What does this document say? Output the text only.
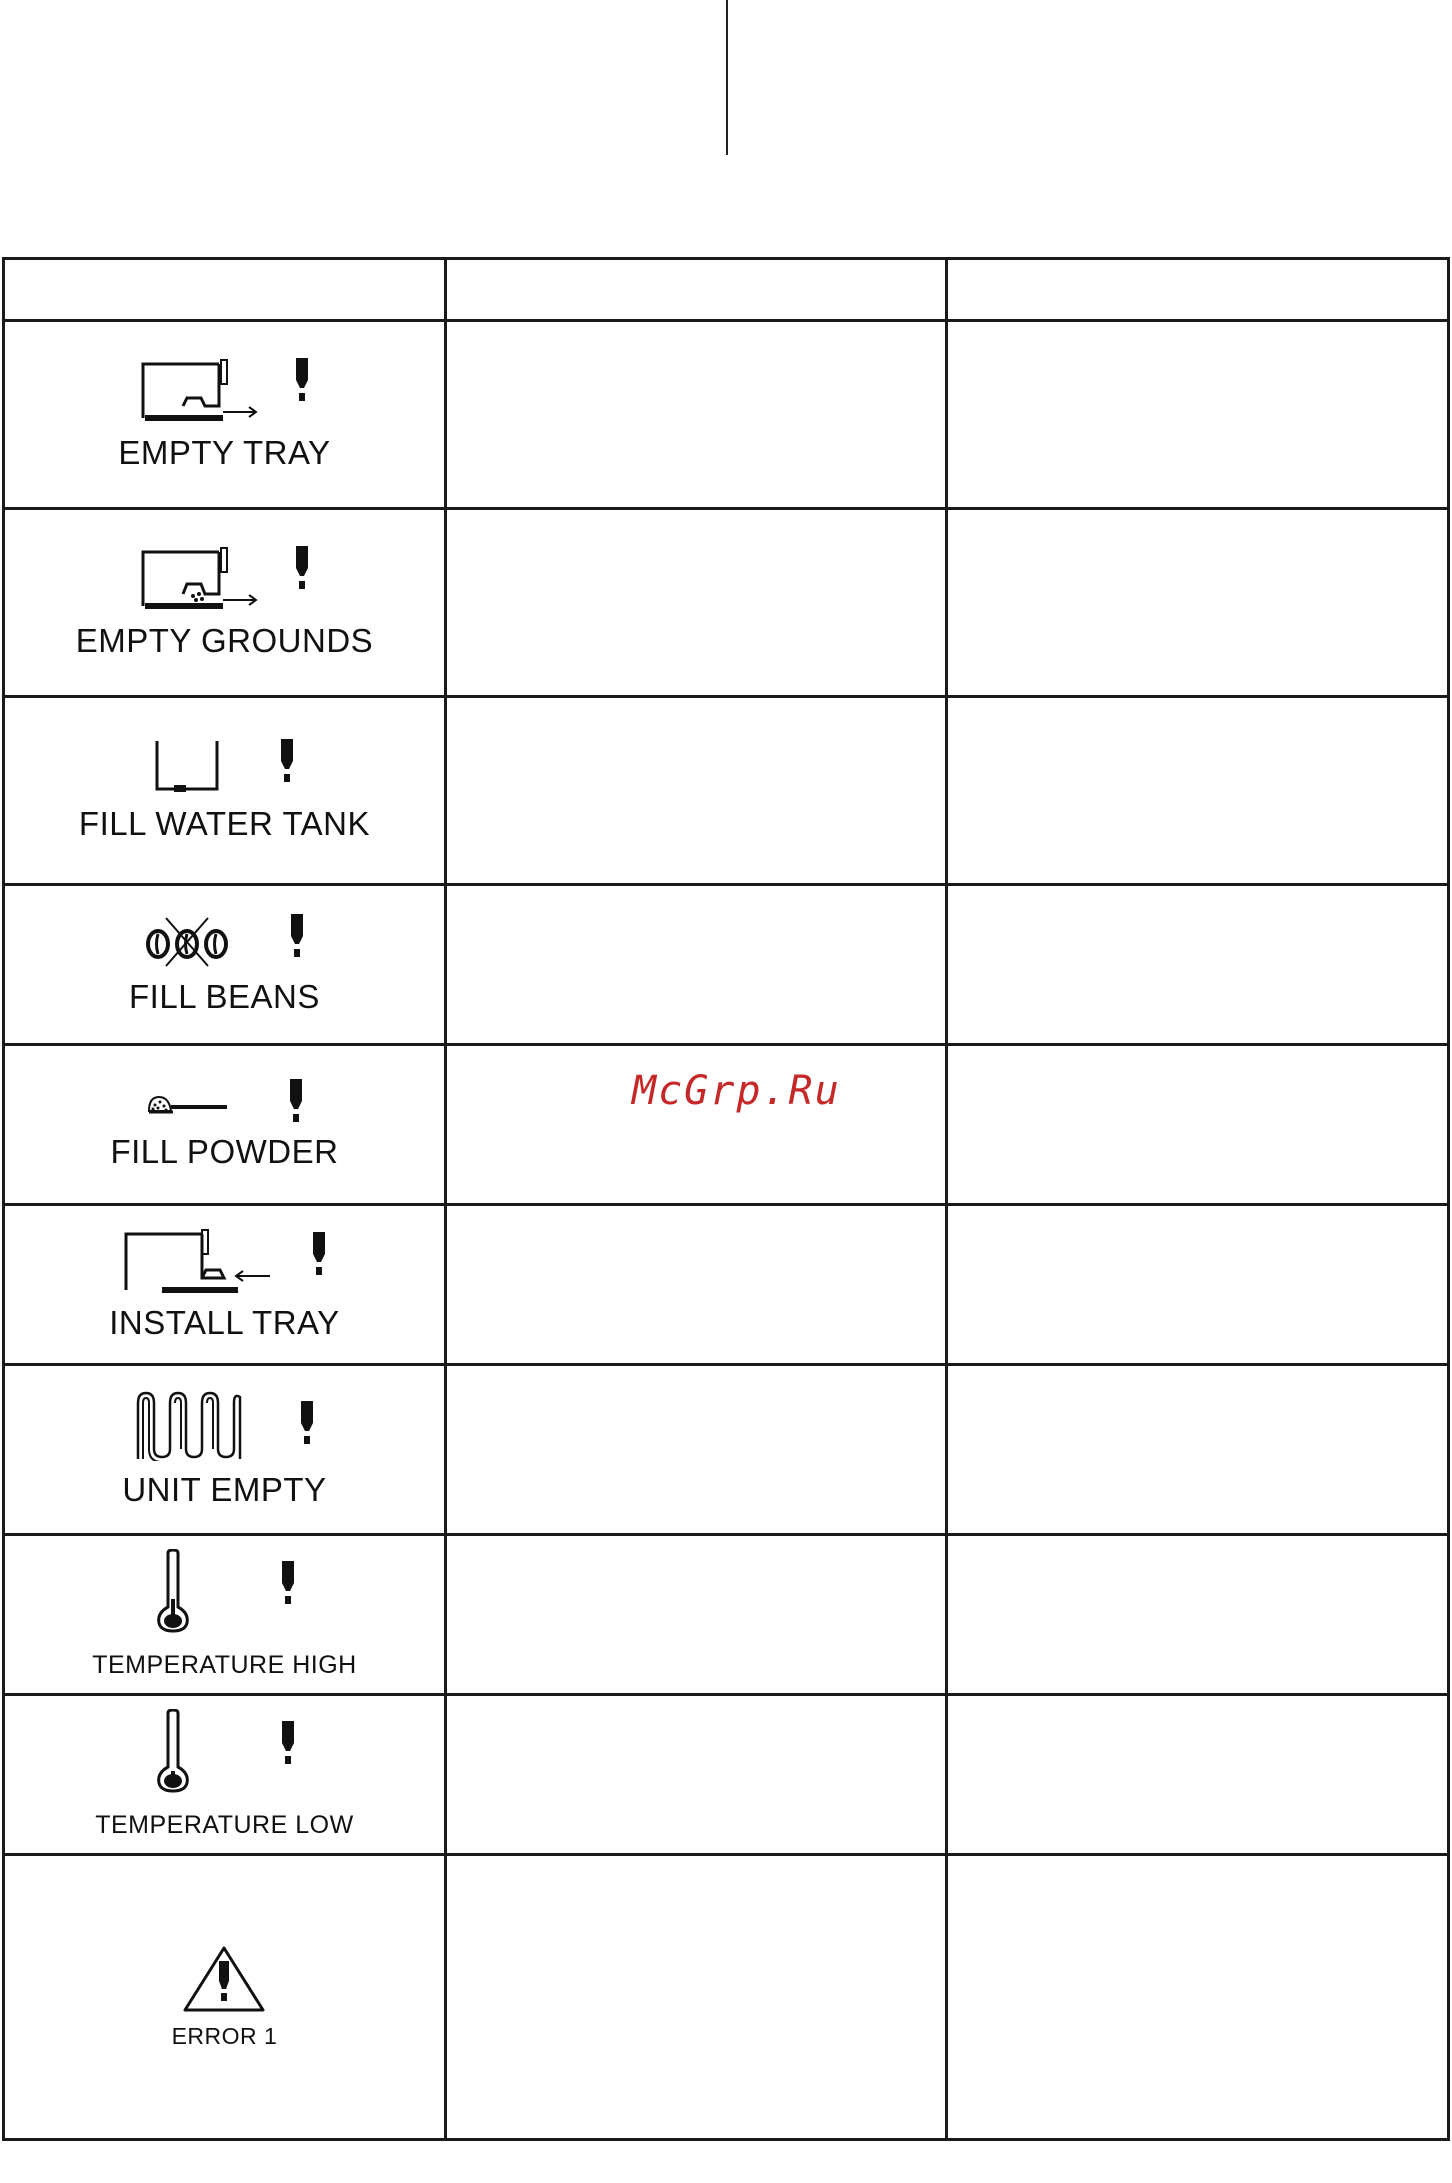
EMPTY TRAY		

EMPTY GROUNDS		

FILL WATER TANK		

FILL BEANS		

FILL POWDER		

INSTALL TRAY		

UNIT EMPTY		

TEMPERATURE HIGH		

TEMPERATURE LOW		

ERROR 1		

McGrp.Ru
